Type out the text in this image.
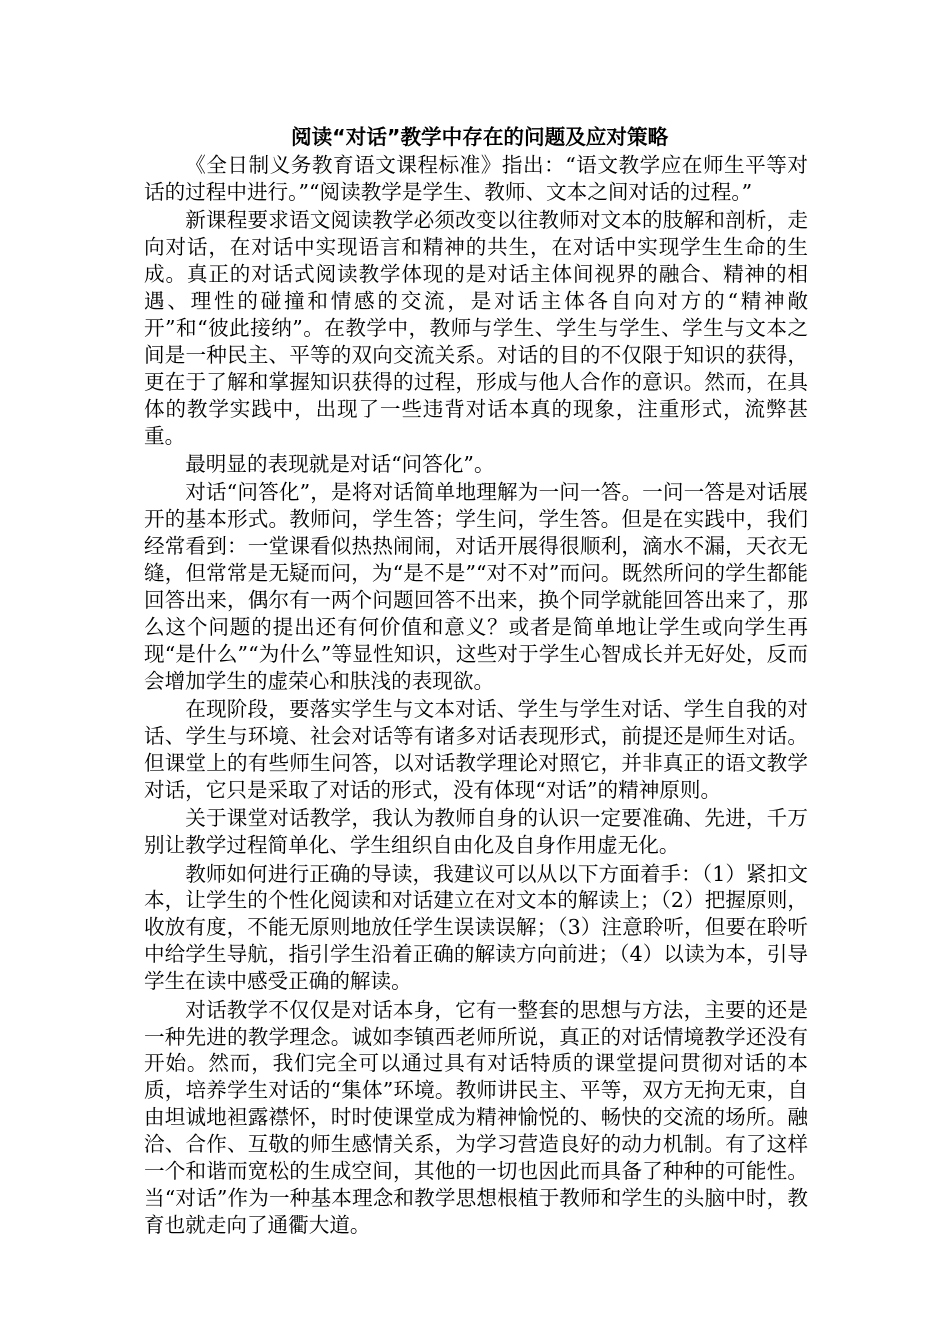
阅读“对话”教学中存在的问题及应对策略

《全日制义务教育语文课程标准》指出：“语文教学应在师生平等对话的过程中进行。”“阅读教学是学生、教师、文本之间对话的过程。”

新课程要求语文阅读教学必须改变以往教师对文本的肢解和剖析，走向对话，在对话中实现语言和精神的共生，在对话中实现学生生命的生成。真正的对话式阅读教学体现的是对话主体间视界的融合、精神的相遇、理性的碰撞和情感的交流，是对话主体各自向对方的“精神敞开”和“彼此接纳”。在教学中，教师与学生、学生与学生、学生与文本之间是一种民主、平等的双向交流关系。对话的目的不仅限于知识的获得，更在于了解和掌握知识获得的过程，形成与他人合作的意识。然而，在具体的教学实践中，出现了一些违背对话本真的现象，注重形式，流弊甚重。

最明显的表现就是对话“问答化”。

对话“问答化”，是将对话简单地理解为一问一答。一问一答是对话展开的基本形式。教师问，学生答；学生问，学生答。但是在实践中，我们经常看到：一堂课看似热热闹闹，对话开展得很顺利，滴水不漏，天衣无缝，但常常是无疑而问，为“是不是”“对不对”而问。既然所问的学生都能回答出来，偶尔有一两个问题回答不出来，换个同学就能回答出来了，那么这个问题的提出还有何价值和意义？或者是简单地让学生或向学生再现“是什么”“为什么”等显性知识，这些对于学生心智成长并无好处，反而会增加学生的虚荣心和肤浅的表现欲。

在现阶段，要落实学生与文本对话、学生与学生对话、学生自我的对话、学生与环境、社会对话等有诸多对话表现形式，前提还是师生对话。但课堂上的有些师生问答，以对话教学理论对照它，并非真正的语文教学对话，它只是采取了对话的形式，没有体现“对话”的精神原则。

关于课堂对话教学，我认为教师自身的认识一定要准确、先进，千万别让教学过程简单化、学生组织自由化及自身作用虚无化。

教师如何进行正确的导读，我建议可以从以下方面着手：（1）紧扣文本，让学生的个性化阅读和对话建立在对文本的解读上；（2）把握原则，收放有度，不能无原则地放任学生误读误解；（3）注意聆听，但要在聆听中给学生导航，指引学生沿着正确的解读方向前进；（4）以读为本，引导学生在读中感受正确的解读。

对话教学不仅仅是对话本身，它有一整套的思想与方法，主要的还是一种先进的教学理念。诚如李镇西老师所说，真正的对话情境教学还没有开始。然而，我们完全可以通过具有对话特质的课堂提问贯彻对话的本质，培养学生对话的“集体”环境。教师讲民主、平等，双方无拘无束，自由坦诚地袒露襟怀，时时使课堂成为精神愉悦的、畅快的交流的场所。融洽、合作、互敬的师生感情关系，为学习营造良好的动力机制。有了这样一个和谐而宽松的生成空间，其他的一切也因此而具备了种种的可能性。当“对话”作为一种基本理念和教学思想根植于教师和学生的头脑中时，教育也就走向了通衢大道。
